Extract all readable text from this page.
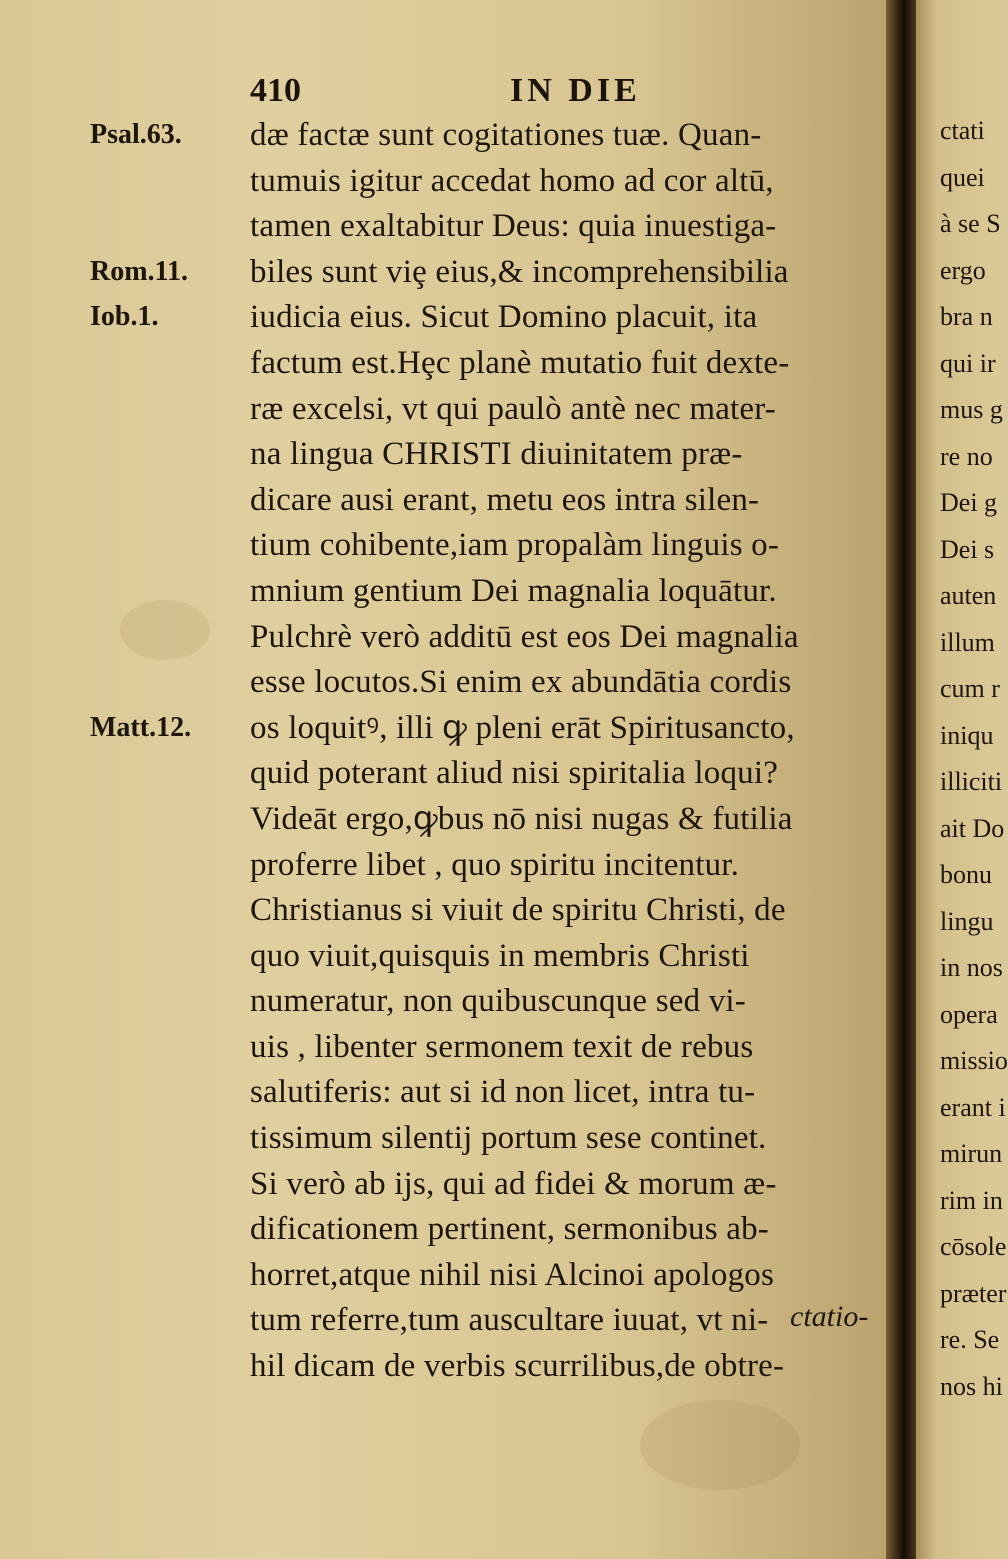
410	IN DIE
Psal.63.
Rom.11.
Iob.1.
Matt.12.
dæ factæ sunt cogitationes tuæ. Quan-
tumuis igitur accedat homo ad cor altū,
tamen exaltabitur Deus: quia inuestiga-
biles sunt viȩ eius,& incomprehensibilia
iudicia eius. Sicut Domino placuit, ita
factum est.Hȩc planè mutatio fuit dexte-
ræ excelsi, vt qui paulò antè nec mater-
na lingua CHRISTI diuinitatem præ-
dicare ausi erant, metu eos intra silen-
tium cohibente,iam propalàm linguis o-
mnium gentium Dei magnalia loquātur.
Pulchrè verò additū est eos Dei magnalia
esse locutos.Si enim ex abundātia cordis
os loquitꝰ, illi ꝙ pleni erāt Spiritusancto,
quid poterant aliud nisi spiritalia loqui?
Videāt ergo,ꝙbus nō nisi nugas & futilia
proferre libet , quo spiritu incitentur.
Christianus si viuit de spiritu Christi, de
quo viuit,quisquis in membris Christi
numeratur, non quibuscunque sed vi-
uis , libenter sermonem texit de rebus
salutiferis: aut si id non licet, intra tu-
tissimum silentij portum sese continet.
Si verò ab ijs, qui ad fidei & morum æ-
dificationem pertinent, sermonibus ab-
horret,atque nihil nisi Alcinoi apologos
tum referre,tum auscultare iuuat, vt ni-
hil dicam de verbis scurrilibus,de obtre-
ctatio-
ctati
quei
à se S
ergo
bra n
qui ir
mus g
re no
Dei g
Dei s
auten
illum
cum r
iniqu
illiciti
ait Do
bonu
lingu
in nos
opera
missio
erant i
mirun
rim in
cōsole
præter
re. Se
nos hi
